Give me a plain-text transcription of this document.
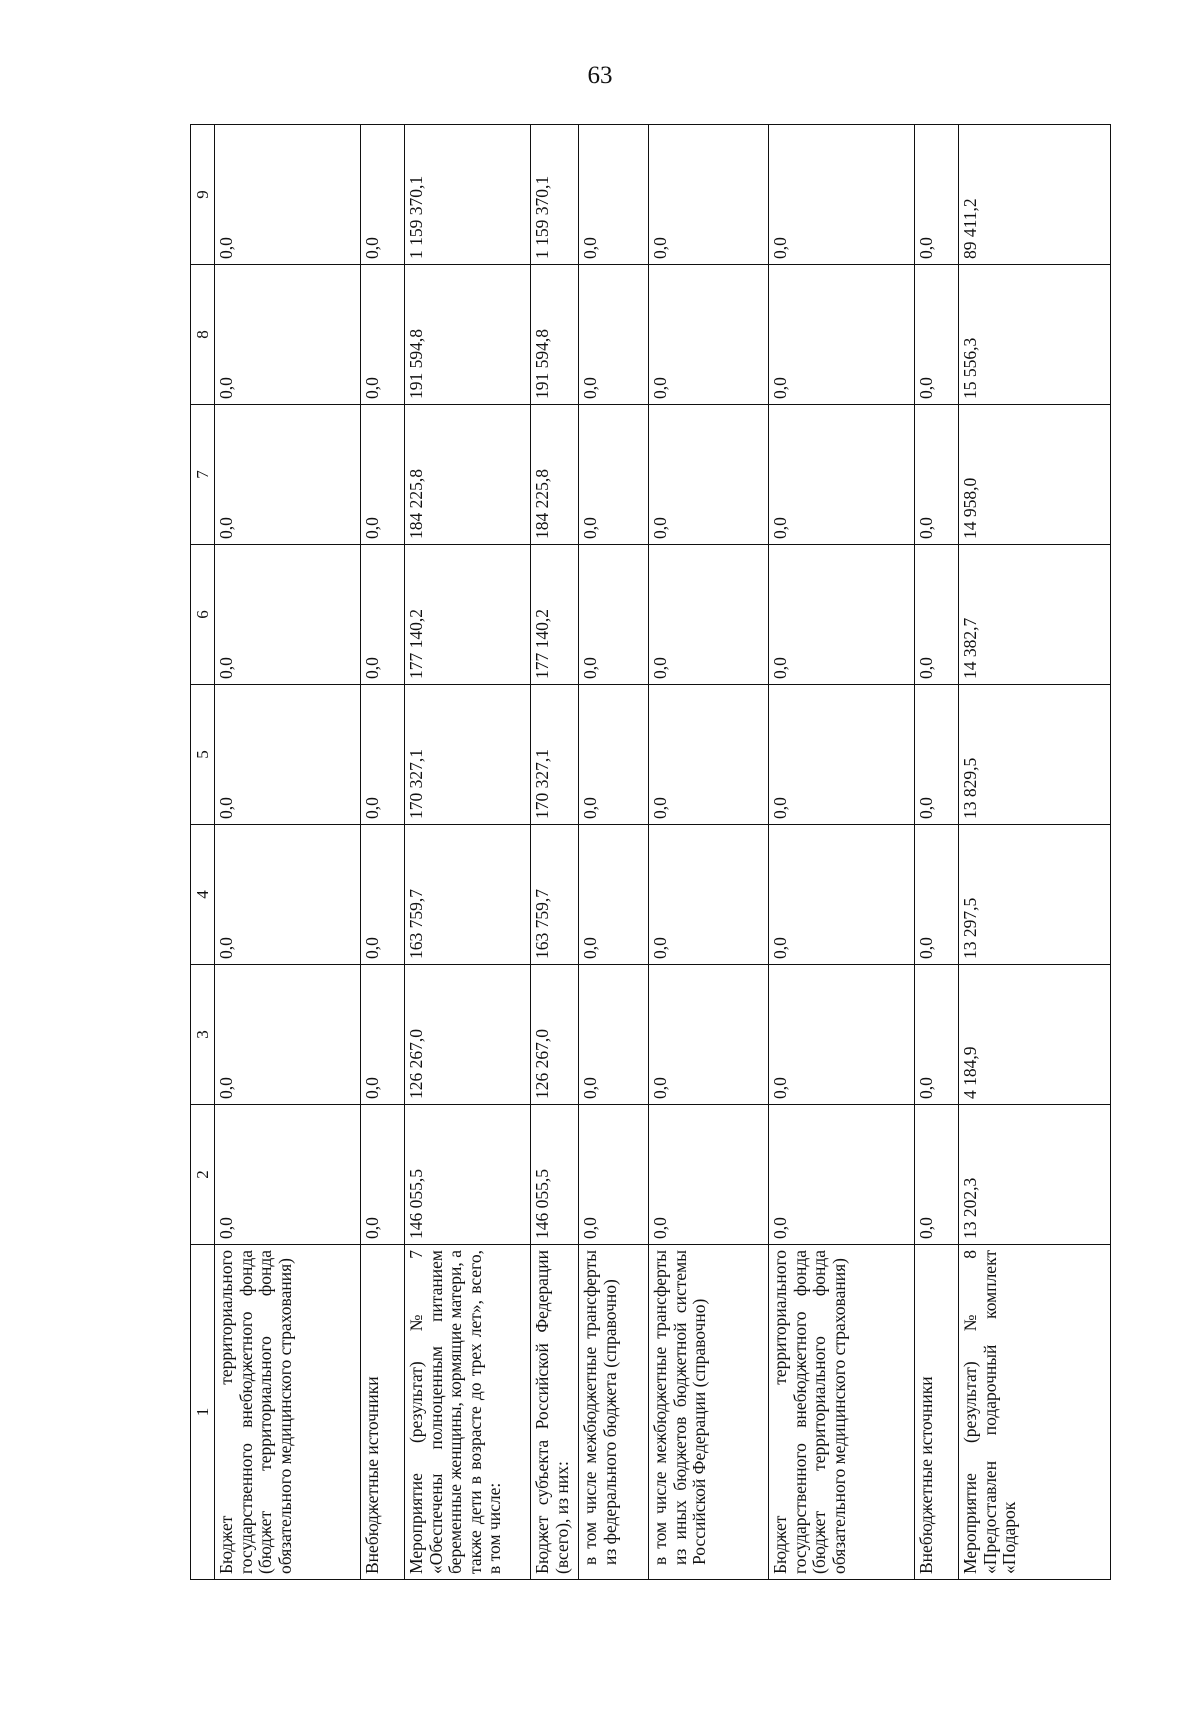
63
1	2	3	4	5	6	7	8	9
Бюджет территориального государственного внебюджетного фонда (бюджет территориального фонда обязательного медицинского страхования)	0,0	0,0	0,0	0,0	0,0	0,0	0,0	0,0
Внебюджетные источники	0,0	0,0	0,0	0,0	0,0	0,0	0,0	0,0
Мероприятие (результат) № 7 «Обеспечены полноценным питанием беременные женщины, кормящие матери, а также дети в возрасте до трех лет», всего, в том числе:	146 055,5	126 267,0	163 759,7	170 327,1	177 140,2	184 225,8	191 594,8	1 159 370,1
Бюджет субъекта Российской Федерации (всего), из них:	146 055,5	126 267,0	163 759,7	170 327,1	177 140,2	184 225,8	191 594,8	1 159 370,1
в том числе межбюджетные трансферты из федерального бюджета (справочно)	0,0	0,0	0,0	0,0	0,0	0,0	0,0	0,0
в том числе межбюджетные трансферты из иных бюджетов бюджетной системы Российской Федерации (справочно)	0,0	0,0	0,0	0,0	0,0	0,0	0,0	0,0
Бюджет территориального государственного внебюджетного фонда (бюджет территориального фонда обязательного медицинского страхования)	0,0	0,0	0,0	0,0	0,0	0,0	0,0	0,0
Внебюджетные источники	0,0	0,0	0,0	0,0	0,0	0,0	0,0	0,0
Мероприятие (результат) № 8 «Предоставлен подарочный комплект «Подарок	13 202,3	4 184,9	13 297,5	13 829,5	14 382,7	14 958,0	15 556,3	89 411,2
